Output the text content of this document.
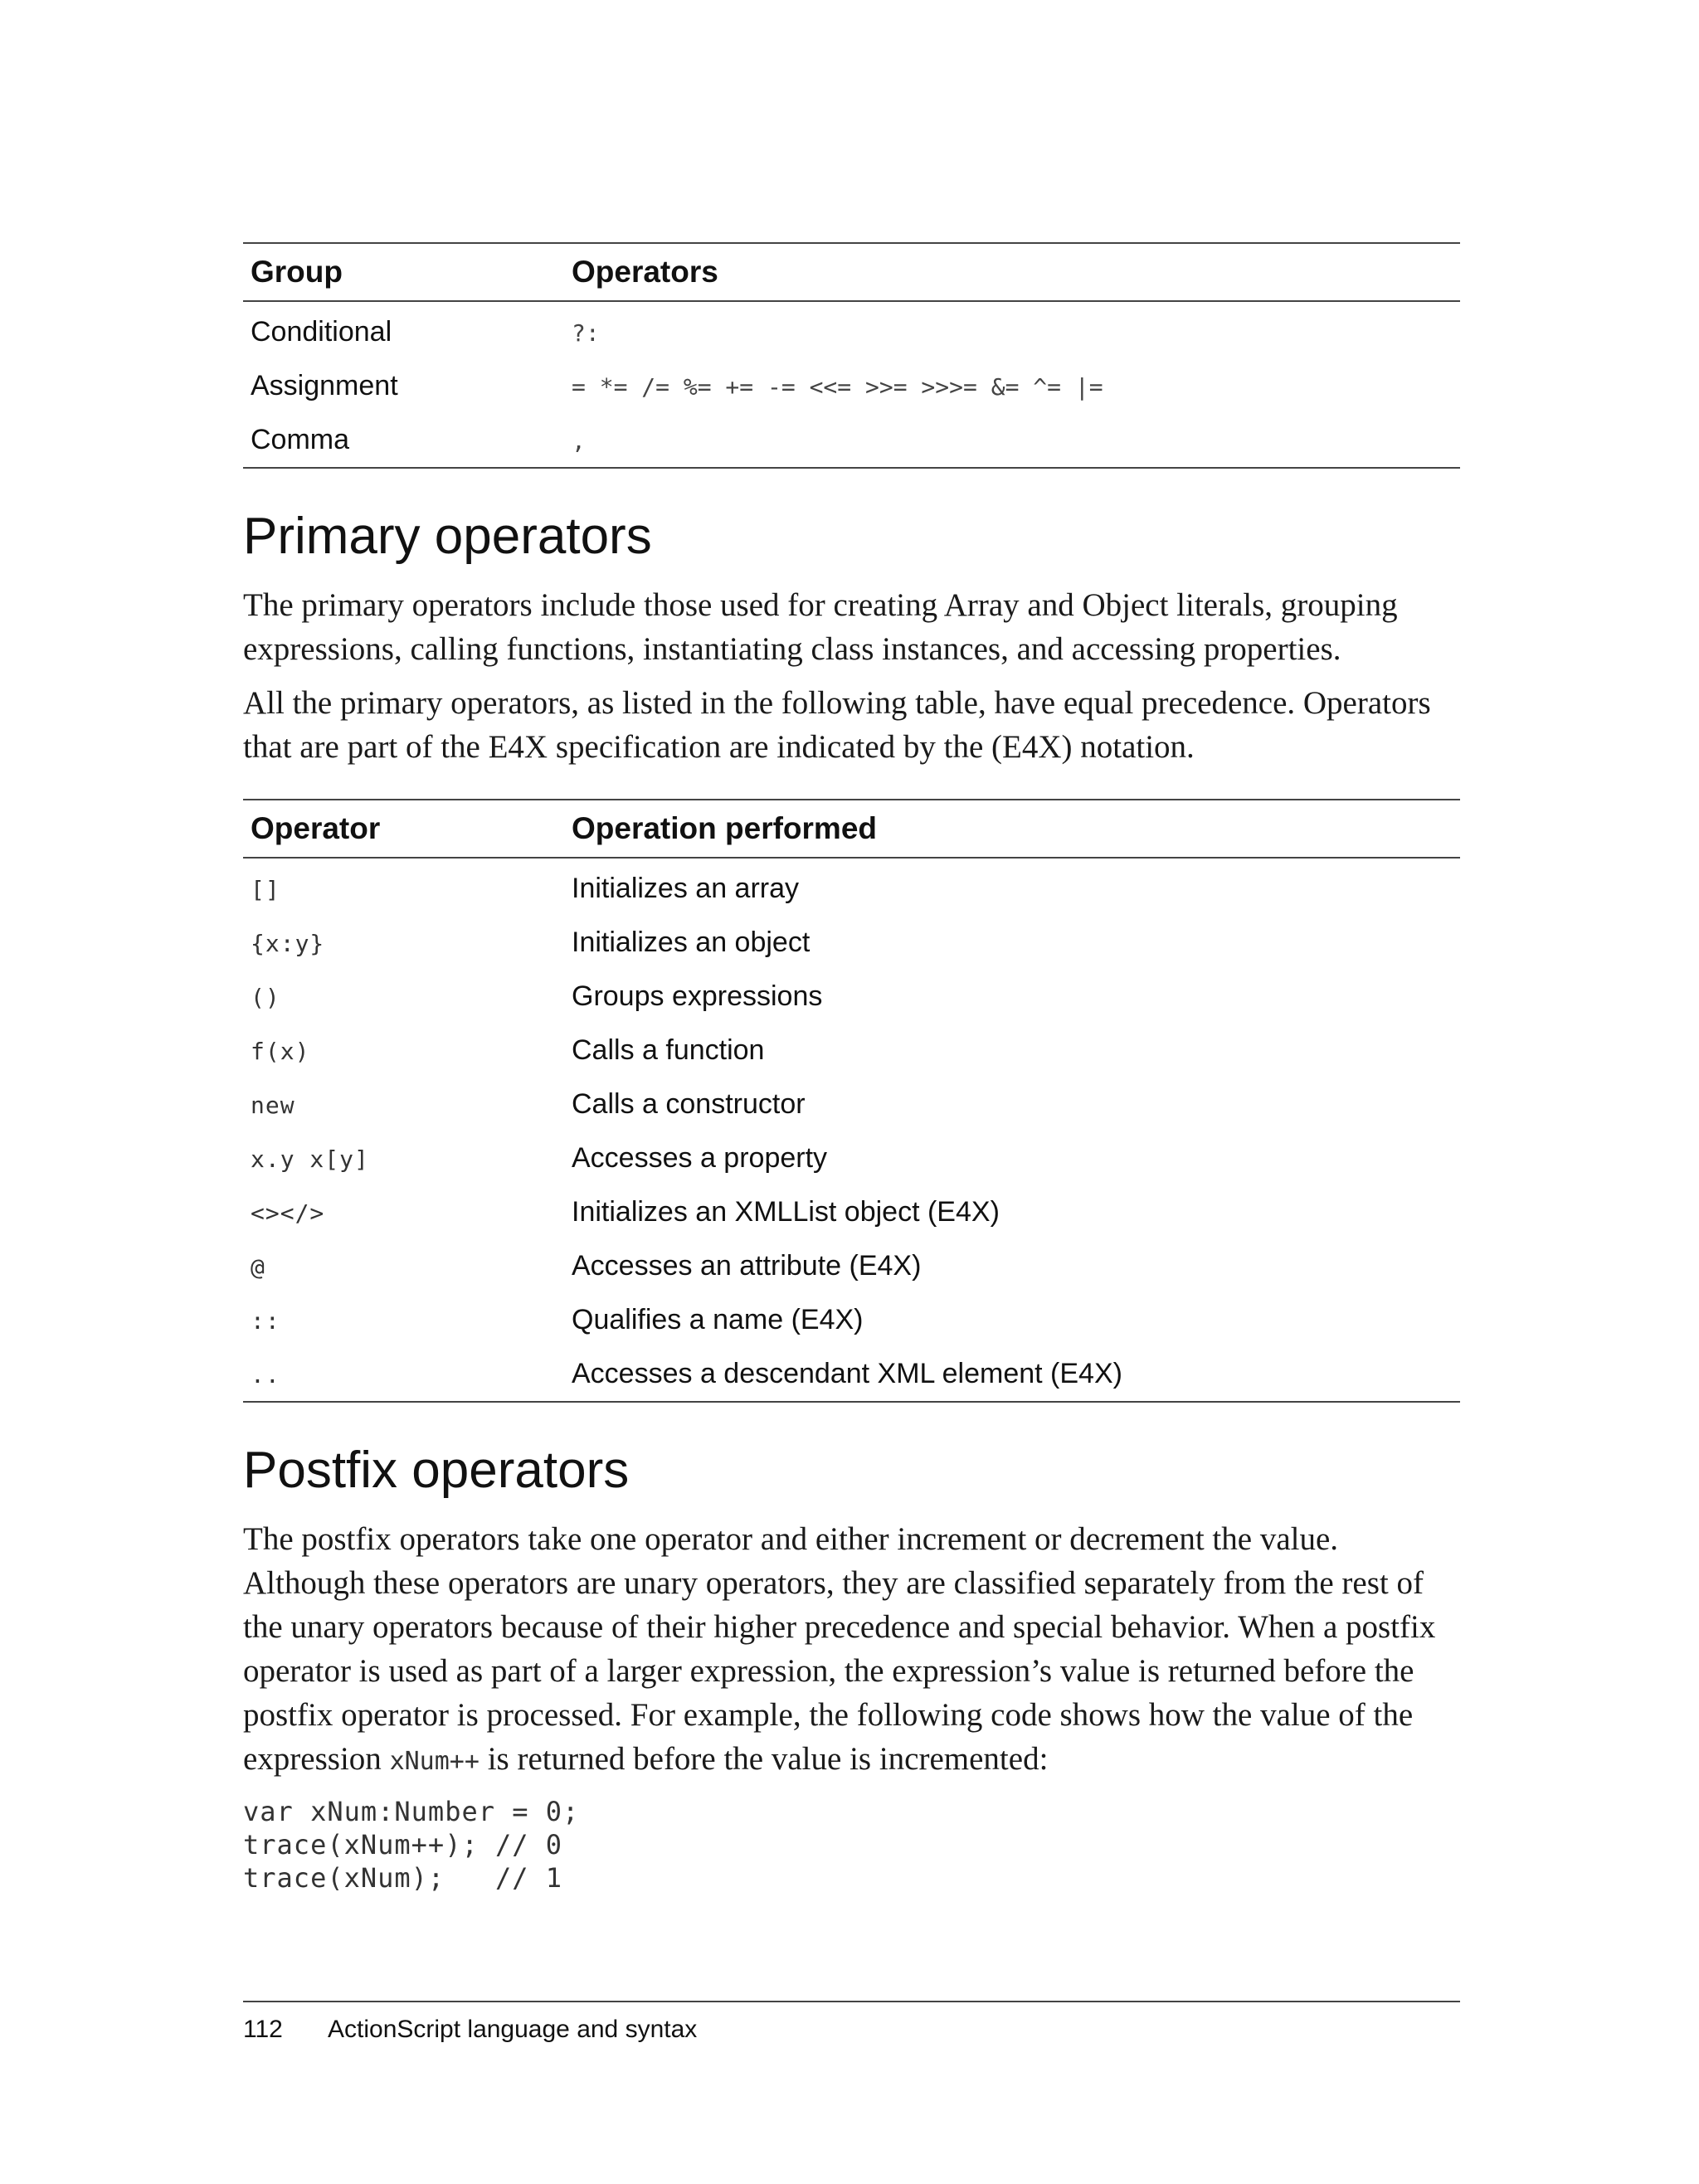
Group	Operators
Conditional	?:
Assignment	= *= /= %= += -= <<= >>= >>>= &= ^= |=
Comma	,
Primary operators

The primary operators include those used for creating Array and Object literals, grouping expressions, calling functions, instantiating class instances, and accessing properties.

All the primary operators, as listed in the following table, have equal precedence. Operators that are part of the E4X specification are indicated by the (E4X) notation.

Operator	Operation performed
[]	Initializes an array
{x:y}	Initializes an object
()	Groups expressions
f(x)	Calls a function
new	Calls a constructor
x.y x[y]	Accesses a property
<></>	Initializes an XMLList object (E4X)
@	Accesses an attribute (E4X)
::	Qualifies a name (E4X)
..	Accesses a descendant XML element (E4X)
Postfix operators

The postfix operators take one operator and either increment or decrement the value. Although these operators are unary operators, they are classified separately from the rest of the unary operators because of their higher precedence and special behavior. When a postfix operator is used as part of a larger expression, the expression’s value is returned before the postfix operator is processed. For example, the following code shows how the value of the expression xNum++ is returned before the value is incremented:

var xNum:Number = 0;
trace(xNum++); // 0
trace(xNum);   // 1
112 ActionScript language and syntax
